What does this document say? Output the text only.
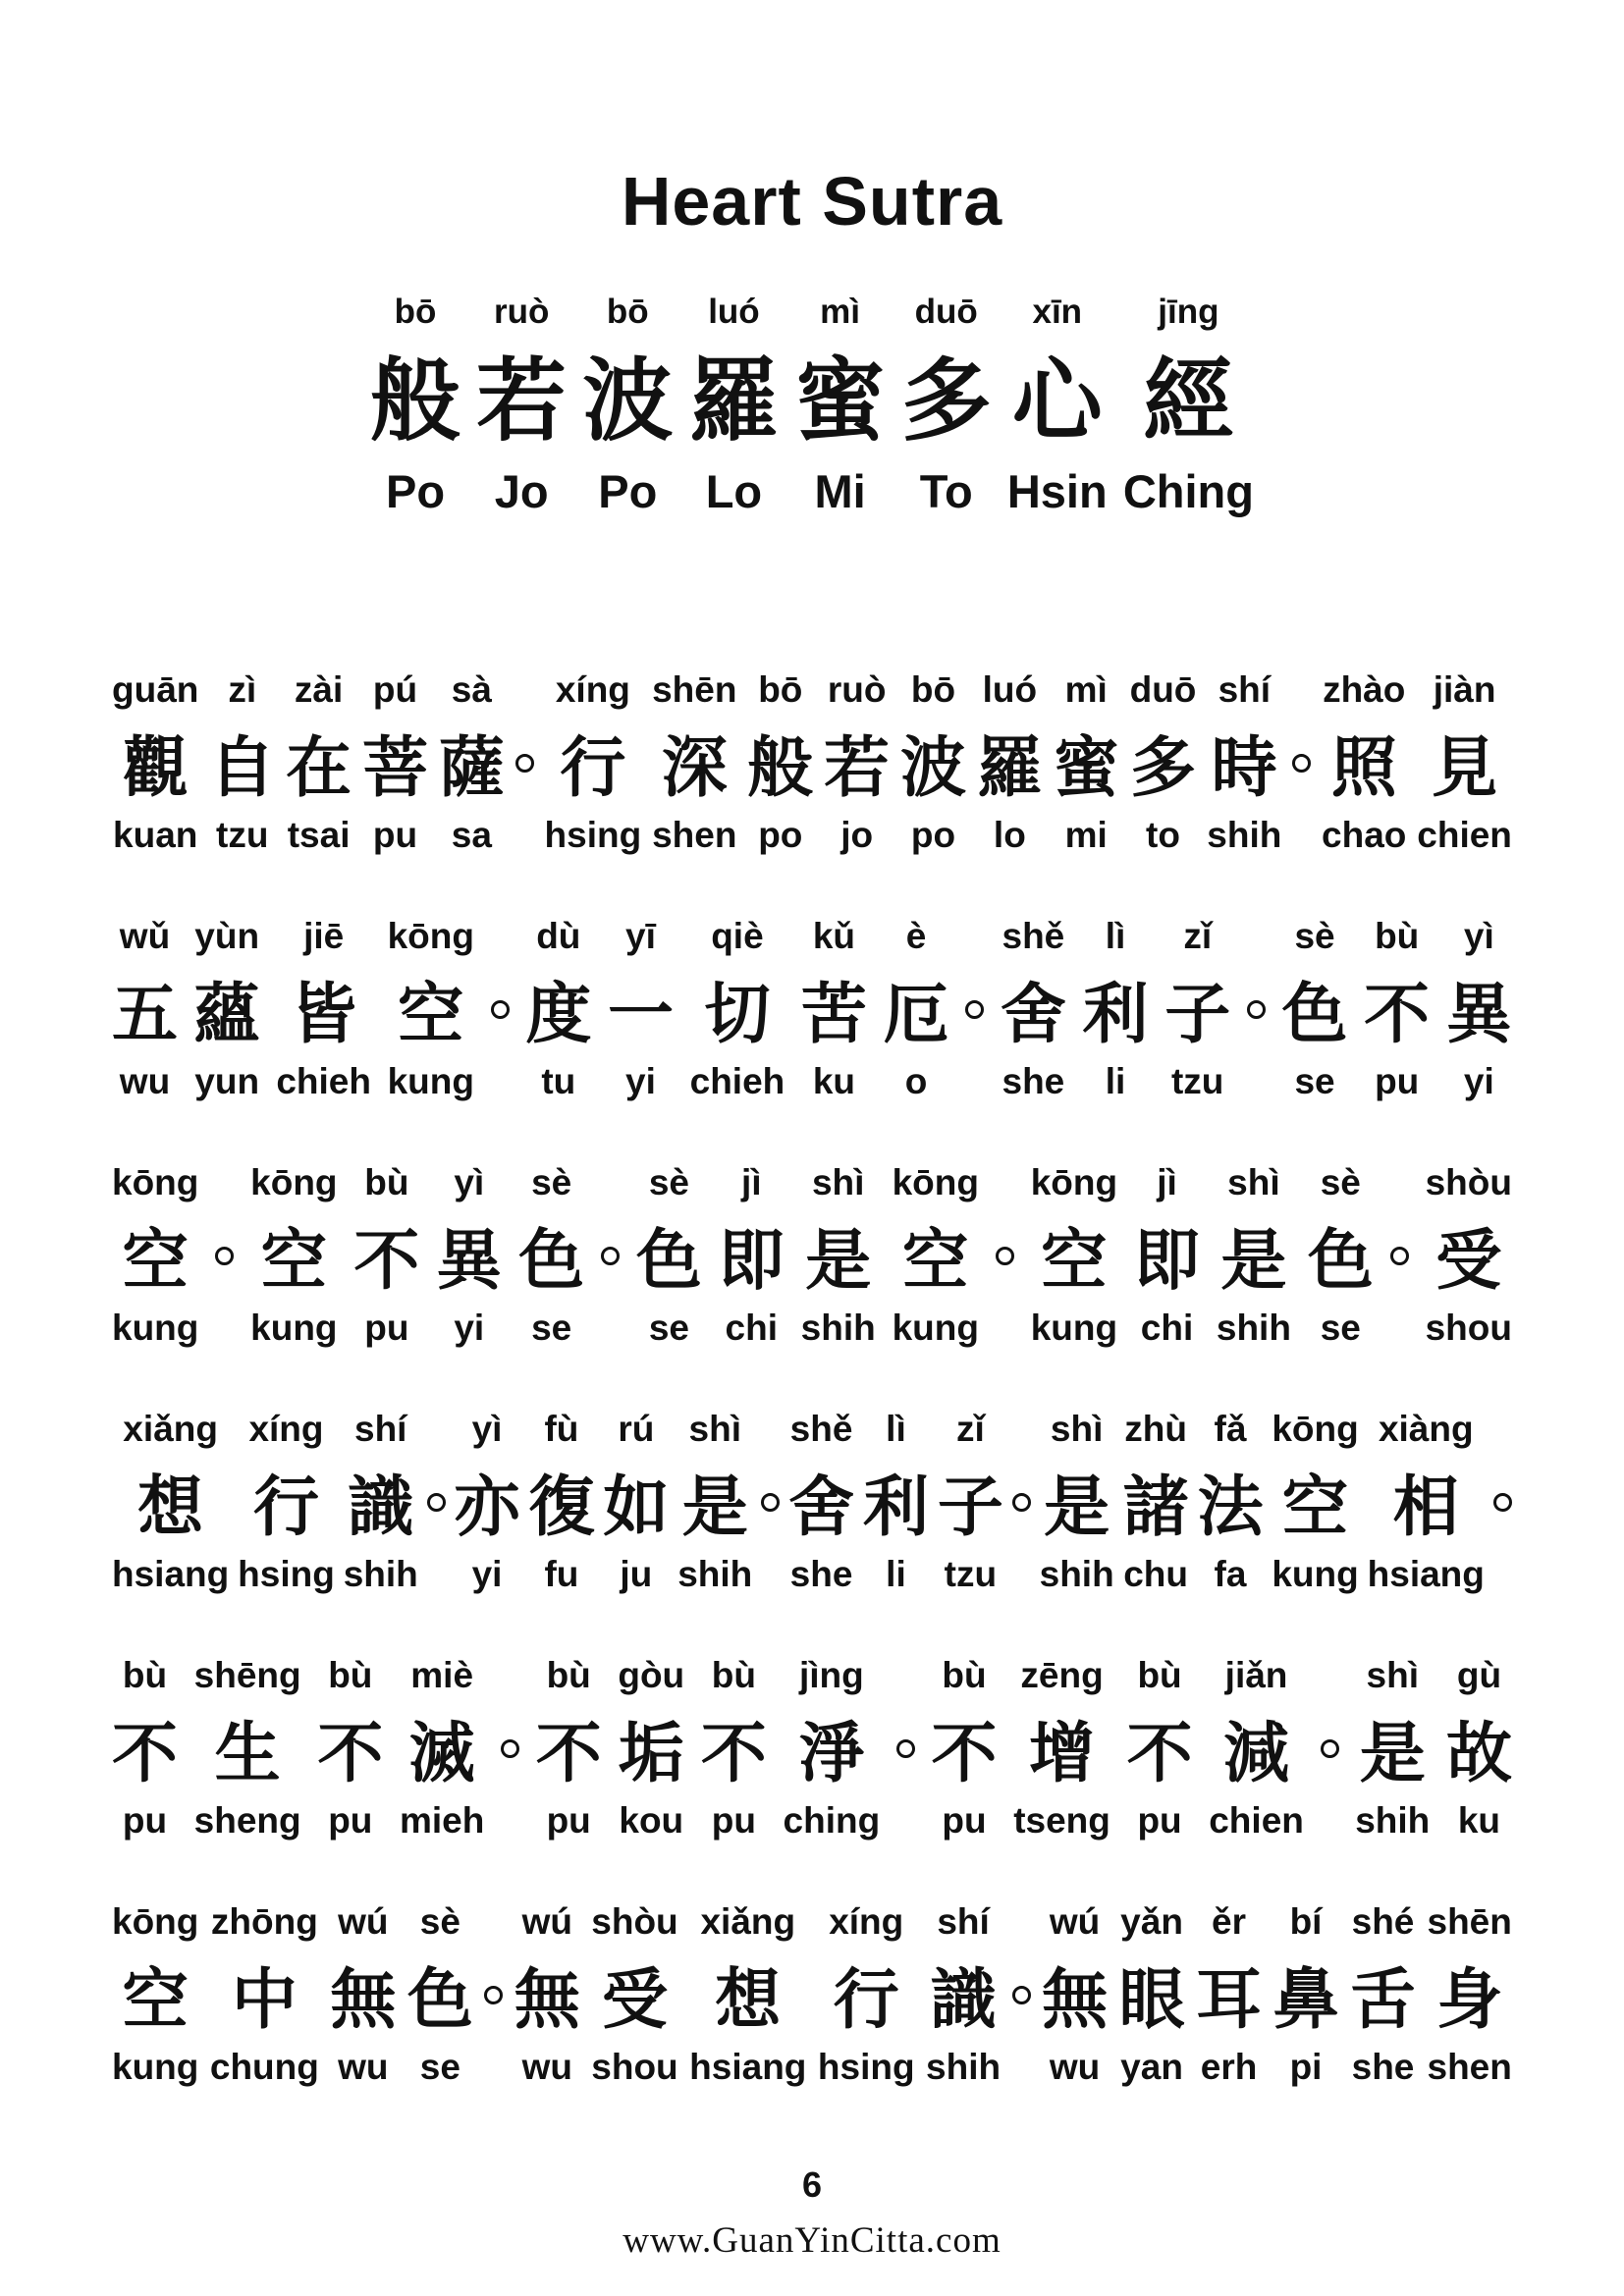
Heart Sutra
bō
般
Po
ruò
若
Jo
bō
波
Po
luó
羅
Lo
mì
蜜
Mi
duō
多
To
xīn
心
Hsin
jīng
經
Ching
guān
觀
kuan
zì
自
tzu
zài
在
tsai
pú
菩
pu
sà
薩
sa
xíng
行
hsing
shēn
深
shen
bō
般
po
ruò
若
jo
bō
波
po
luó
羅
lo
mì
蜜
mi
duō
多
to
shí
時
shih
zhào
照
chao
jiàn
見
chien
wǔ
五
wu
yùn
蘊
yun
jiē
皆
chieh
kōng
空
kung
dù
度
tu
yī
一
yi
qiè
切
chieh
kǔ
苦
ku
è
厄
o
shě
舍
she
lì
利
li
zǐ
子
tzu
sè
色
se
bù
不
pu
yì
異
yi
kōng
空
kung
kōng
空
kung
bù
不
pu
yì
異
yi
sè
色
se
sè
色
se
jì
即
chi
shì
是
shih
kōng
空
kung
kōng
空
kung
jì
即
chi
shì
是
shih
sè
色
se
shòu
受
shou
xiǎng
想
hsiang
xíng
行
hsing
shí
識
shih
yì
亦
yi
fù
復
fu
rú
如
ju
shì
是
shih
shě
舍
she
lì
利
li
zǐ
子
tzu
shì
是
shih
zhù
諸
chu
fǎ
法
fa
kōng
空
kung
xiàng
相
hsiang
bù
不
pu
shēng
生
sheng
bù
不
pu
miè
滅
mieh
bù
不
pu
gòu
垢
kou
bù
不
pu
jìng
淨
ching
bù
不
pu
zēng
增
tseng
bù
不
pu
jiǎn
減
chien
shì
是
shih
gù
故
ku
kōng
空
kung
zhōng
中
chung
wú
無
wu
sè
色
se
wú
無
wu
shòu
受
shou
xiǎng
想
hsiang
xíng
行
hsing
shí
識
shih
wú
無
wu
yǎn
眼
yan
ěr
耳
erh
bí
鼻
pi
shé
舌
she
shēn
身
shen
6
www.GuanYinCitta.com
